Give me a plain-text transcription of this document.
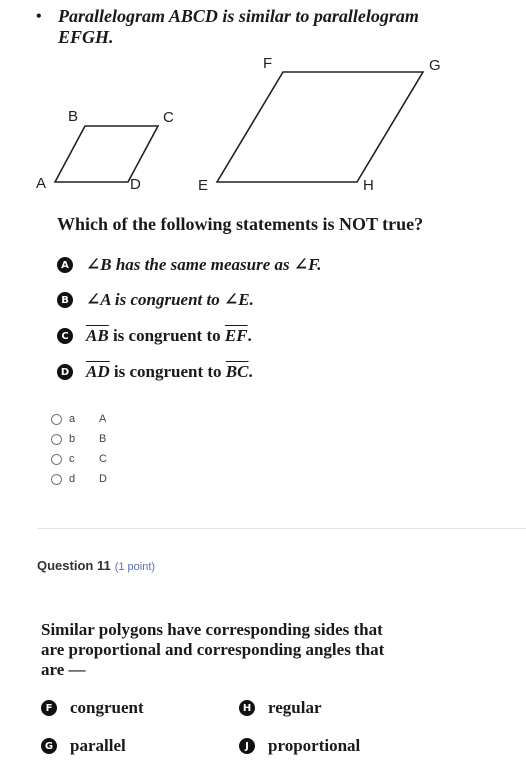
• Parallelogram ABCD is similar to parallelogram
EFGH.
A
B	C
D	E
F	G
H
Which of the following statements is NOT true?
A ∠B has the same measure as ∠F.
B ∠A is congruent to ∠E.
C $\overline{AB}$ is congruent to $\overline{EF}$ .
D $\overline{AD}$ is congruent to $\overline{BC}$ .
a	A
b	B
c	C
d	D
Question 11 (1 point)
Similar polygons have corresponding sides that
are proportional and corresponding angles that
are —
F congruent	H regular
G parallel	J	proportional
